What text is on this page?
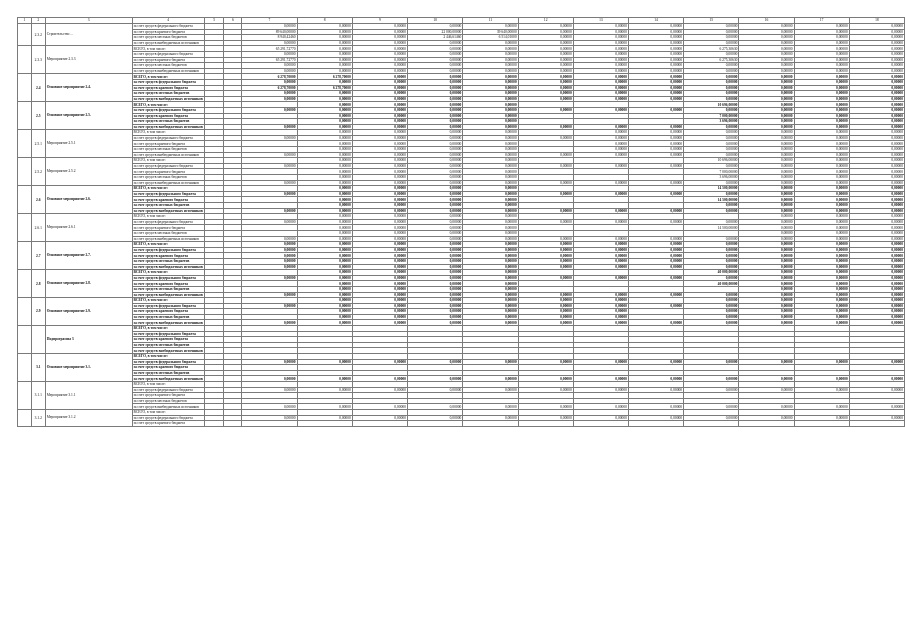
1	2	3	4	5	6	7	8	9	10	11	12	13	14	15	16	17	18
	2.3.2	Строительство ...	за счет средств федерального бюджета			0,00000	0,00000	0,00000	0,00000	0,00000	0,00000	0,00000	0,00000	0,00000	0,00000	0,00000	0,00000
			за счет средств краевого бюджета			89 640,00000	0,00000	0,00000	22 000,00000	39 640,00000	0,00000	0,00000	0,00000	0,00000	0,00000	0,00000	0,00000
			за счет средств местных бюджетов			8 940,42460	0,00000	0,00000	2 446,61460	6 514,01000	0,00000	0,00000	0,00000	0,00000	0,00000	0,00000	0,00000
			за счет средств внебюджетных источников			0,00000	0,00000	0,00000	0,00000	0,00000	0,00000	0,00000	0,00000	0,00000	0,00000	0,00000	0,00000
	2.3.3	Мероприятие 2.3.3	ВСЕГО, в том числе:			65 291,72770	0,00000	0,00000	0,00000	0,00000	0,00000	0,00000	0,00000	6 275,30630	0,00000	0,00000	0,00000
			за счет средств федерального бюджета			0,00000	0,00000	0,00000	0,00000	0,00000	0,00000	0,00000	0,00000	0,00000	0,00000	0,00000	0,00000
			за счет средств краевого бюджета			65 291,72770	0,00000	0,00000	0,00000	0,00000	0,00000	0,00000	0,00000	6 275,30630	0,00000	0,00000	0,00000
			за счет средств местных бюджетов			0,00000	0,00000	0,00000	0,00000	0,00000	0,00000	0,00000	0,00000	0,00000	0,00000	0,00000	0,00000
			за счет средств внебюджетных источников			0,00000	0,00000	0,00000	0,00000	0,00000	0,00000	0,00000	0,00000	0,00000	0,00000	0,00000	0,00000
	2.4	Основное мероприятие 2.4.	ВСЕГО, в том числе:			6 278,70000	6 278,70000	0,00000	0,00000	0,00000	0,00000	0,00000	0,00000	0,00000	0,00000	0,00000	0,00000
			за счет средств федерального бюджета			0,00000	0,00000	0,00000	0,00000	0,00000	0,00000	0,00000	0,00000	0,00000	0,00000	0,00000	0,00000
			за счет средств краевого бюджета			6 278,70000	6 278,70000	0,00000	0,00000	0,00000	0,00000	0,00000	0,00000	0,00000	0,00000	0,00000	0,00000
			за счет средств местных бюджетов			0,00000	0,00000	0,00000	0,00000	0,00000	0,00000	0,00000	0,00000	0,00000	0,00000	0,00000	0,00000
			за счет средств внебюджетных источников			0,00000	0,00000	0,00000	0,00000	0,00000	0,00000	0,00000	0,00000	0,00000	0,00000	0,00000	0,00000
	2.5	Основное мероприятие 2.5.	ВСЕГО, в том числе:				0,00000	0,00000	0,00000	0,00000				10 696,00000	0,00000	0,00000	0,00000
			за счет средств федерального бюджета			0,00000	0,00000	0,00000	0,00000	0,00000	0,00000	0,00000	0,00000	0,00000	0,00000	0,00000	0,00000
			за счет средств краевого бюджета				0,00000	0,00000	0,00000	0,00000				7 000,00000	0,00000	0,00000	0,00000
			за счет средств местных бюджетов				0,00000	0,00000	0,00000	0,00000				3 696,00000	0,00000	0,00000	0,00000
			за счет средств внебюджетных источников			0,00000	0,00000	0,00000	0,00000	0,00000	0,00000	0,00000	0,00000	0,00000	0,00000	0,00000	0,00000
	2.5.1	Мероприятие 2.5.1	ВСЕГО, в том числе:				0,00000	0,00000	0,00000	0,00000		0,00000	0,00000	0,00000	0,00000	0,00000	0,00000
			за счет средств федерального бюджета			0,00000	0,00000	0,00000	0,00000	0,00000	0,00000	0,00000	0,00000	0,00000	0,00000	0,00000	0,00000
			за счет средств краевого бюджета				0,00000	0,00000	0,00000	0,00000		0,00000	0,00000	0,00000	0,00000	0,00000	0,00000
			за счет средств местных бюджетов				0,00000	0,00000	0,00000	0,00000		0,00000	0,00000	0,00000	0,00000	0,00000	0,00000
			за счет средств внебюджетных источников			0,00000	0,00000	0,00000	0,00000	0,00000	0,00000	0,00000	0,00000	0,00000	0,00000	0,00000	0,00000
	2.5.2	Мероприятие 2.5.2	ВСЕГО, в том числе:				0,00000	0,00000	0,00000	0,00000				10 696,00000	0,00000	0,00000	0,00000
			за счет средств федерального бюджета			0,00000	0,00000	0,00000	0,00000	0,00000	0,00000	0,00000	0,00000	0,00000	0,00000	0,00000	0,00000
			за счет средств краевого бюджета				0,00000	0,00000	0,00000	0,00000				7 000,00000	0,00000	0,00000	0,00000
			за счет средств местных бюджетов				0,00000	0,00000	0,00000	0,00000				3 696,00000	0,00000	0,00000	0,00000
			за счет средств внебюджетных источников			0,00000	0,00000	0,00000	0,00000	0,00000	0,00000	0,00000	0,00000	0,00000	0,00000	0,00000	0,00000
	2.6	Основное мероприятие 2.6.	ВСЕГО, в том числе:				0,00000	0,00000	0,00000	0,00000				14 500,00000	0,00000	0,00000	0,00000
			за счет средств федерального бюджета			0,00000	0,00000	0,00000	0,00000	0,00000	0,00000	0,00000	0,00000	0,00000	0,00000	0,00000	0,00000
			за счет средств краевого бюджета				0,00000	0,00000	0,00000	0,00000				14 500,00000	0,00000	0,00000	0,00000
			за счет средств местных бюджетов				0,00000	0,00000	0,00000	0,00000				0,00000	0,00000	0,00000	0,00000
			за счет средств внебюджетных источников			0,00000	0,00000	0,00000	0,00000	0,00000	0,00000	0,00000	0,00000	0,00000	0,00000	0,00000	0,00000
	2.6.1	Мероприятие 2.6.1	ВСЕГО, в том числе:				0,00000	0,00000	0,00000	0,00000					0,00000	0,00000	0,00000
			за счет средств федерального бюджета			0,00000	0,00000	0,00000	0,00000	0,00000	0,00000	0,00000	0,00000	0,00000	0,00000	0,00000	0,00000
			за счет средств краевого бюджета				0,00000	0,00000	0,00000	0,00000				14 500,00000	0,00000	0,00000	0,00000
			за счет средств местных бюджетов				0,00000	0,00000	0,00000	0,00000					0,00000	0,00000	0,00000
			за счет средств внебюджетных источников			0,00000	0,00000	0,00000	0,00000	0,00000	0,00000	0,00000	0,00000	0,00000	0,00000	0,00000	0,00000
	2.7	Основное мероприятие 2.7.	ВСЕГО, в том числе:			0,00000	0,00000	0,00000	0,00000	0,00000	0,00000	0,00000	0,00000	0,00000	0,00000	0,00000	0,00000
			за счет средств федерального бюджета			0,00000	0,00000	0,00000	0,00000	0,00000	0,00000	0,00000	0,00000	0,00000	0,00000	0,00000	0,00000
			за счет средств краевого бюджета			0,00000	0,00000	0,00000	0,00000	0,00000	0,00000	0,00000	0,00000	0,00000	0,00000	0,00000	0,00000
			за счет средств местных бюджетов			0,00000	0,00000	0,00000	0,00000	0,00000	0,00000	0,00000	0,00000	0,00000	0,00000	0,00000	0,00000
			за счет средств внебюджетных источников			0,00000	0,00000	0,00000	0,00000	0,00000	0,00000	0,00000	0,00000	0,00000	0,00000	0,00000	0,00000
	2.8	Основное мероприятие 2.8.	ВСЕГО, в том числе:				0,00000	0,00000	0,00000	0,00000				40 000,00000	0,00000	0,00000	0,00000
			за счет средств федерального бюджета			0,00000	0,00000	0,00000	0,00000	0,00000	0,00000	0,00000	0,00000	0,00000	0,00000	0,00000	0,00000
			за счет средств краевого бюджета				0,00000	0,00000	0,00000	0,00000				40 000,00000	0,00000	0,00000	0,00000
			за счет средств местных бюджетов				0,00000	0,00000	0,00000	0,00000					0,00000	0,00000	0,00000
			за счет средств внебюджетных источников			0,00000	0,00000	0,00000	0,00000	0,00000	0,00000	0,00000	0,00000	0,00000	0,00000	0,00000	0,00000
	2.9	Основное мероприятие 2.9.	ВСЕГО, в том числе:				0,00000	0,00000	0,00000	0,00000	0,00000	0,00000		0,00000	0,00000	0,00000	0,00000
			за счет средств федерального бюджета			0,00000	0,00000	0,00000	0,00000	0,00000	0,00000	0,00000	0,00000	0,00000	0,00000	0,00000	0,00000
			за счет средств краевого бюджета				0,00000	0,00000	0,00000	0,00000	0,00000	0,00000		0,00000	0,00000	0,00000	0,00000
			за счет средств местных бюджетов				0,00000	0,00000	0,00000	0,00000	0,00000	0,00000		0,00000	0,00000	0,00000	0,00000
			за счет средств внебюджетных источников			0,00000	0,00000	0,00000	0,00000	0,00000	0,00000	0,00000	0,00000	0,00000	0,00000	0,00000	0,00000
		Подпрограмма 3	ВСЕГО, в том числе:														
			за счет средств федерального бюджета														
			за счет средств краевого бюджета														
			за счет средств местных бюджетов														
			за счет средств внебюджетных источников														
	3.1	Основное мероприятие 3.1.	ВСЕГО, в том числе:														
			за счет средств федерального бюджета			0,00000	0,00000	0,00000	0,00000	0,00000	0,00000	0,00000	0,00000	0,00000	0,00000	0,00000	0,00000
			за счет средств краевого бюджета														
			за счет средств местных бюджетов														
			за счет средств внебюджетных источников			0,00000	0,00000	0,00000	0,00000	0,00000	0,00000	0,00000	0,00000	0,00000	0,00000	0,00000	0,00000
	3.1.1	Мероприятие 3.1.1	ВСЕГО, в том числе:														
			за счет средств федерального бюджета			0,00000	0,00000	0,00000	0,00000	0,00000	0,00000	0,00000	0,00000	0,00000	0,00000	0,00000	0,00000
			за счет средств краевого бюджета														
			за счет средств местных бюджетов														
			за счет средств внебюджетных источников			0,00000	0,00000	0,00000	0,00000	0,00000	0,00000	0,00000	0,00000	0,00000	0,00000	0,00000	0,00000
	3.1.2	Мероприятие 3.1.2	ВСЕГО, в том числе:														
			за счет средств федерального бюджета			0,00000	0,00000	0,00000	0,00000	0,00000	0,00000	0,00000	0,00000	0,00000	0,00000	0,00000	0,00000
			за счет средств краевого бюджета														
